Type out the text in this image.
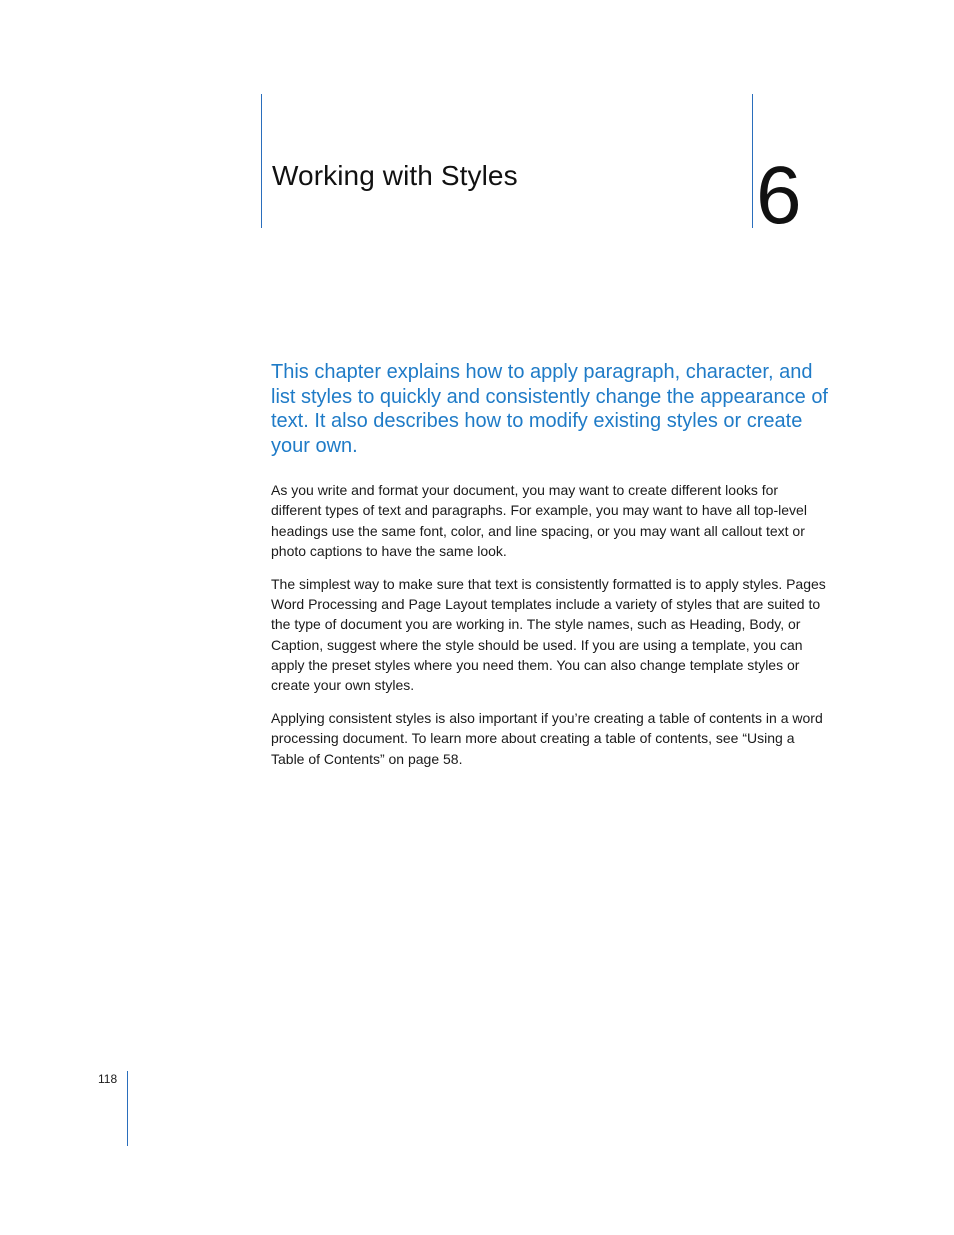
Working with Styles	6

This chapter explains how to apply paragraph, character, and list styles to quickly and consistently change the appearance of text. It also describes how to modify existing styles or create your own.

As you write and format your document, you may want to create different looks for different types of text and paragraphs. For example, you may want to have all top-level headings use the same font, color, and line spacing, or you may want all callout text or photo captions to have the same look.

The simplest way to make sure that text is consistently formatted is to apply styles. Pages Word Processing and Page Layout templates include a variety of styles that are suited to the type of document you are working in. The style names, such as Heading, Body, or Caption, suggest where the style should be used. If you are using a template, you can apply the preset styles where you need them. You can also change template styles or create your own styles.

Applying consistent styles is also important if you’re creating a table of contents in a word processing document. To learn more about creating a table of contents, see “Using a Table of Contents” on page 58.

118
